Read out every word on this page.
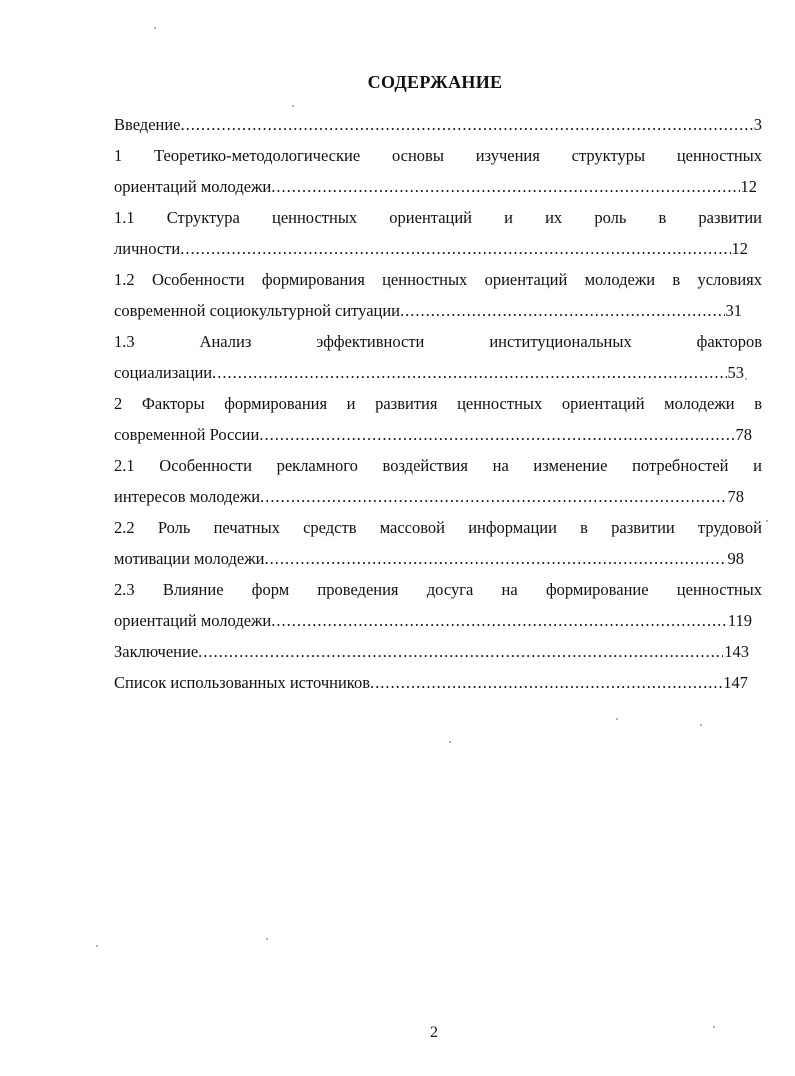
СОДЕРЖАНИЕ
Введение .....	3
1 Теоретико-методологические основы изучения структуры ценностных
ориентаций молодежи .....	12
1.1 Структура ценностных ориентаций и их роль в развитии
личности .....	12
1.2 Особенности формирования ценностных ориентаций молодежи в условиях
современной социокультурной ситуации .....	31
1.3 Анализ эффективности институциональных факторов
социализации .....	53
2 Факторы формирования и развития ценностных ориентаций молодежи в
современной России .....	78
2.1 Особенности рекламного воздействия на изменение потребностей и
интересов молодежи .....	78
2.2 Роль печатных средств массовой информации в развитии трудовой
мотивации молодежи .....	98
2.3 Влияние форм проведения досуга на формирование ценностных
ориентаций молодежи .....	119
Заключение .....	143
Список использованных источников .....	147
2
